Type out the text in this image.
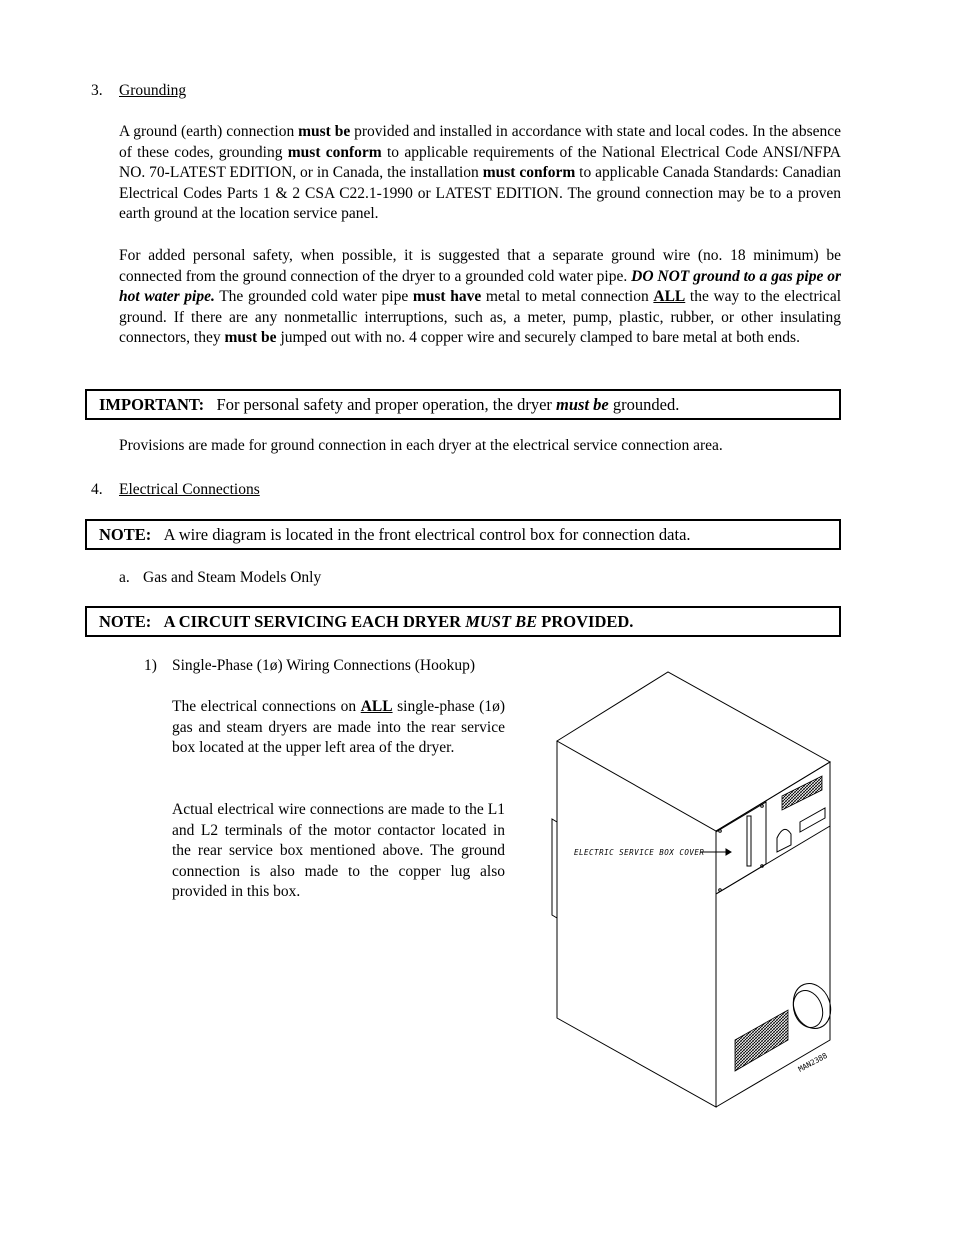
3. Grounding
A ground (earth) connection must be provided and installed in accordance with state and local codes. In the absence of these codes, grounding must conform to applicable requirements of the National Electrical Code ANSI/NFPA NO. 70-LATEST EDITION, or in Canada, the installation must conform to applicable Canada Standards: Canadian Electrical Codes Parts 1 & 2 CSA C22.1-1990 or LATEST EDITION. The ground connection may be to a proven earth ground at the location service panel.
For added personal safety, when possible, it is suggested that a separate ground wire (no. 18 minimum) be connected from the ground connection of the dryer to a grounded cold water pipe. DO NOT ground to a gas pipe or hot water pipe. The grounded cold water pipe must have metal to metal connection ALL the way to the electrical ground. If there are any nonmetallic interruptions, such as, a meter, pump, plastic, rubber, or other insulating connectors, they must be jumped out with no. 4 copper wire and securely clamped to bare metal at both ends.
IMPORTANT: For personal safety and proper operation, the dryer must be grounded.
Provisions are made for ground connection in each dryer at the electrical service connection area.
4. Electrical Connections
NOTE: A wire diagram is located in the front electrical control box for connection data.
a. Gas and Steam Models Only
NOTE: A CIRCUIT SERVICING EACH DRYER MUST BE PROVIDED.
1) Single-Phase (1ø) Wiring Connections (Hookup)
The electrical connections on ALL single-phase (1ø) gas and steam dryers are made into the rear service box located at the upper left area of the dryer.
Actual electrical wire connections are made to the L1 and L2 terminals of the motor contactor located in the rear service box mentioned above. The ground connection is also made to the copper lug also provided in this box.
ELECTRIC SERVICE BOX COVER
MAN2388
